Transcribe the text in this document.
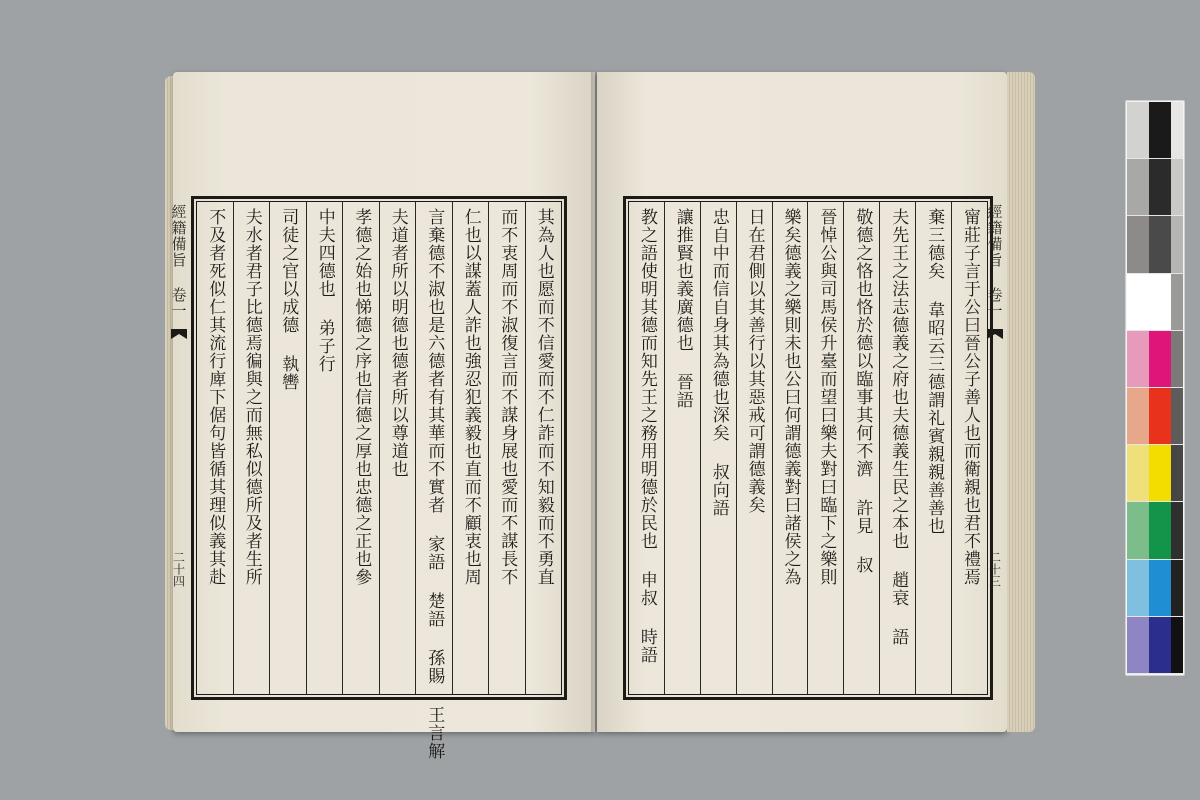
經籍備旨 卷一
二十四	其為人也愿而不信愛而不仁詐而不知毅而不勇直
而不衷周而不淑復言而不謀身展也愛而不謀長不
仁也以謀蓋人詐也強忍犯義毅也直而不顧衷也周
言棄德不淑也是六德者有其華而不實者 家語 楚語 孫賜 王言解
夫道者所以明德也德者所以尊道也
孝德之始也悌德之序也信德之厚也忠德之正也參
中夫四德也 弟子行
司徒之官以成德 執轡
夫水者君子比德焉徧與之而無私似德所及者生所
不及者死似仁其流行庳下倨句皆循其理似義其赴	甯莊子言于公曰晉公子善人也而衛親也君不禮焉
棄三德矣 韋昭云三德謂礼賓親親善善也
夫先王之法志德義之府也夫德義生民之本也 趙衰 語
敬德之恪也恪於德以臨事其何不濟 許見 叔
晉悼公與司馬侯升臺而望曰樂夫對曰臨下之樂則
樂矣德義之樂則未也公曰何謂德義對曰諸侯之為
日在君側以其善行以其惡戒可謂德義矣
忠自中而信自身其為德也深矣 叔向語
讓推賢也義廣德也 晉語
教之語使明其德而知先王之務用明德於民也 申叔 時語	經籍備旨 卷一
二十三
